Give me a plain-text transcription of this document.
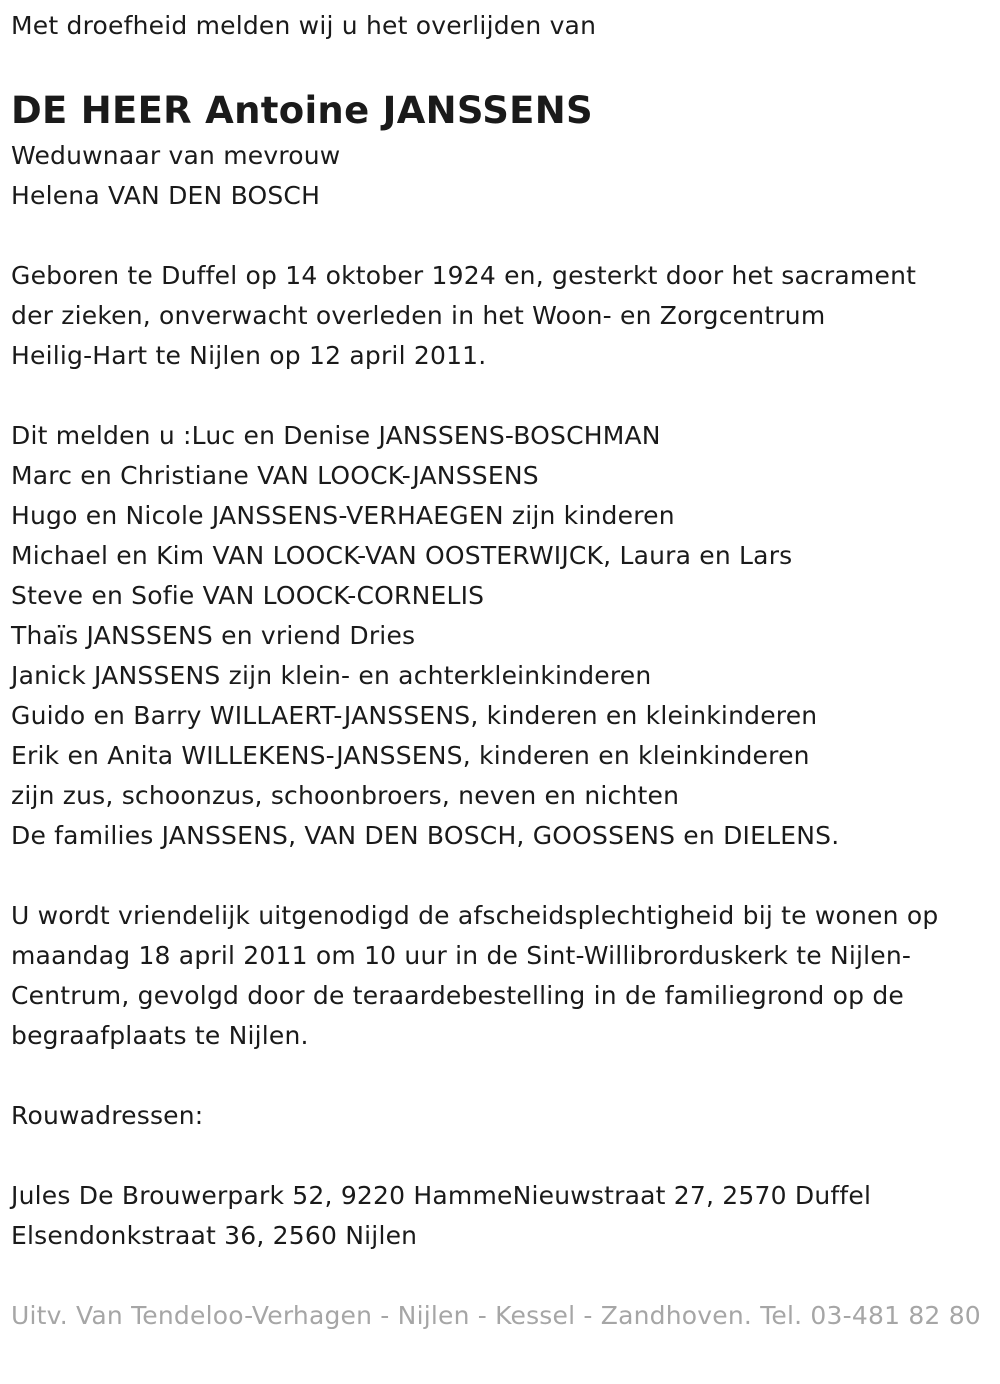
Met droefheid melden wij u het overlijden van
DE HEER Antoine JANSSENS
Weduwnaar van mevrouw
Helena VAN DEN BOSCH
Geboren te Duffel op 14 oktober 1924 en, gesterkt door het sacrament
der zieken, onverwacht overleden in het Woon- en Zorgcentrum
Heilig-Hart te Nijlen op 12 april 2011.
Dit melden u :Luc en Denise JANSSENS-BOSCHMAN
Marc en Christiane VAN LOOCK-JANSSENS
Hugo en Nicole JANSSENS-VERHAEGEN zijn kinderen
Michael en Kim VAN LOOCK-VAN OOSTERWIJCK, Laura en Lars
Steve en Sofie VAN LOOCK-CORNELIS
Thaïs JANSSENS en vriend Dries
Janick JANSSENS zijn klein- en achterkleinkinderen
Guido en Barry WILLAERT-JANSSENS, kinderen en kleinkinderen
Erik en Anita WILLEKENS-JANSSENS, kinderen en kleinkinderen
zijn zus, schoonzus, schoonbroers, neven en nichten
De families JANSSENS, VAN DEN BOSCH, GOOSSENS en DIELENS.
U wordt vriendelijk uitgenodigd de afscheidsplechtigheid bij te wonen op
maandag 18 april 2011 om 10 uur in de Sint-Willibrorduskerk te Nijlen-
Centrum, gevolgd door de teraardebestelling in de familiegrond op de
begraafplaats te Nijlen.
Rouwadressen:
Jules De Brouwerpark 52, 9220 HammeNieuwstraat 27, 2570 Duffel
Elsendonkstraat 36, 2560 Nijlen
Uitv. Van Tendeloo-Verhagen - Nijlen - Kessel - Zandhoven. Tel. 03-481 82 80
